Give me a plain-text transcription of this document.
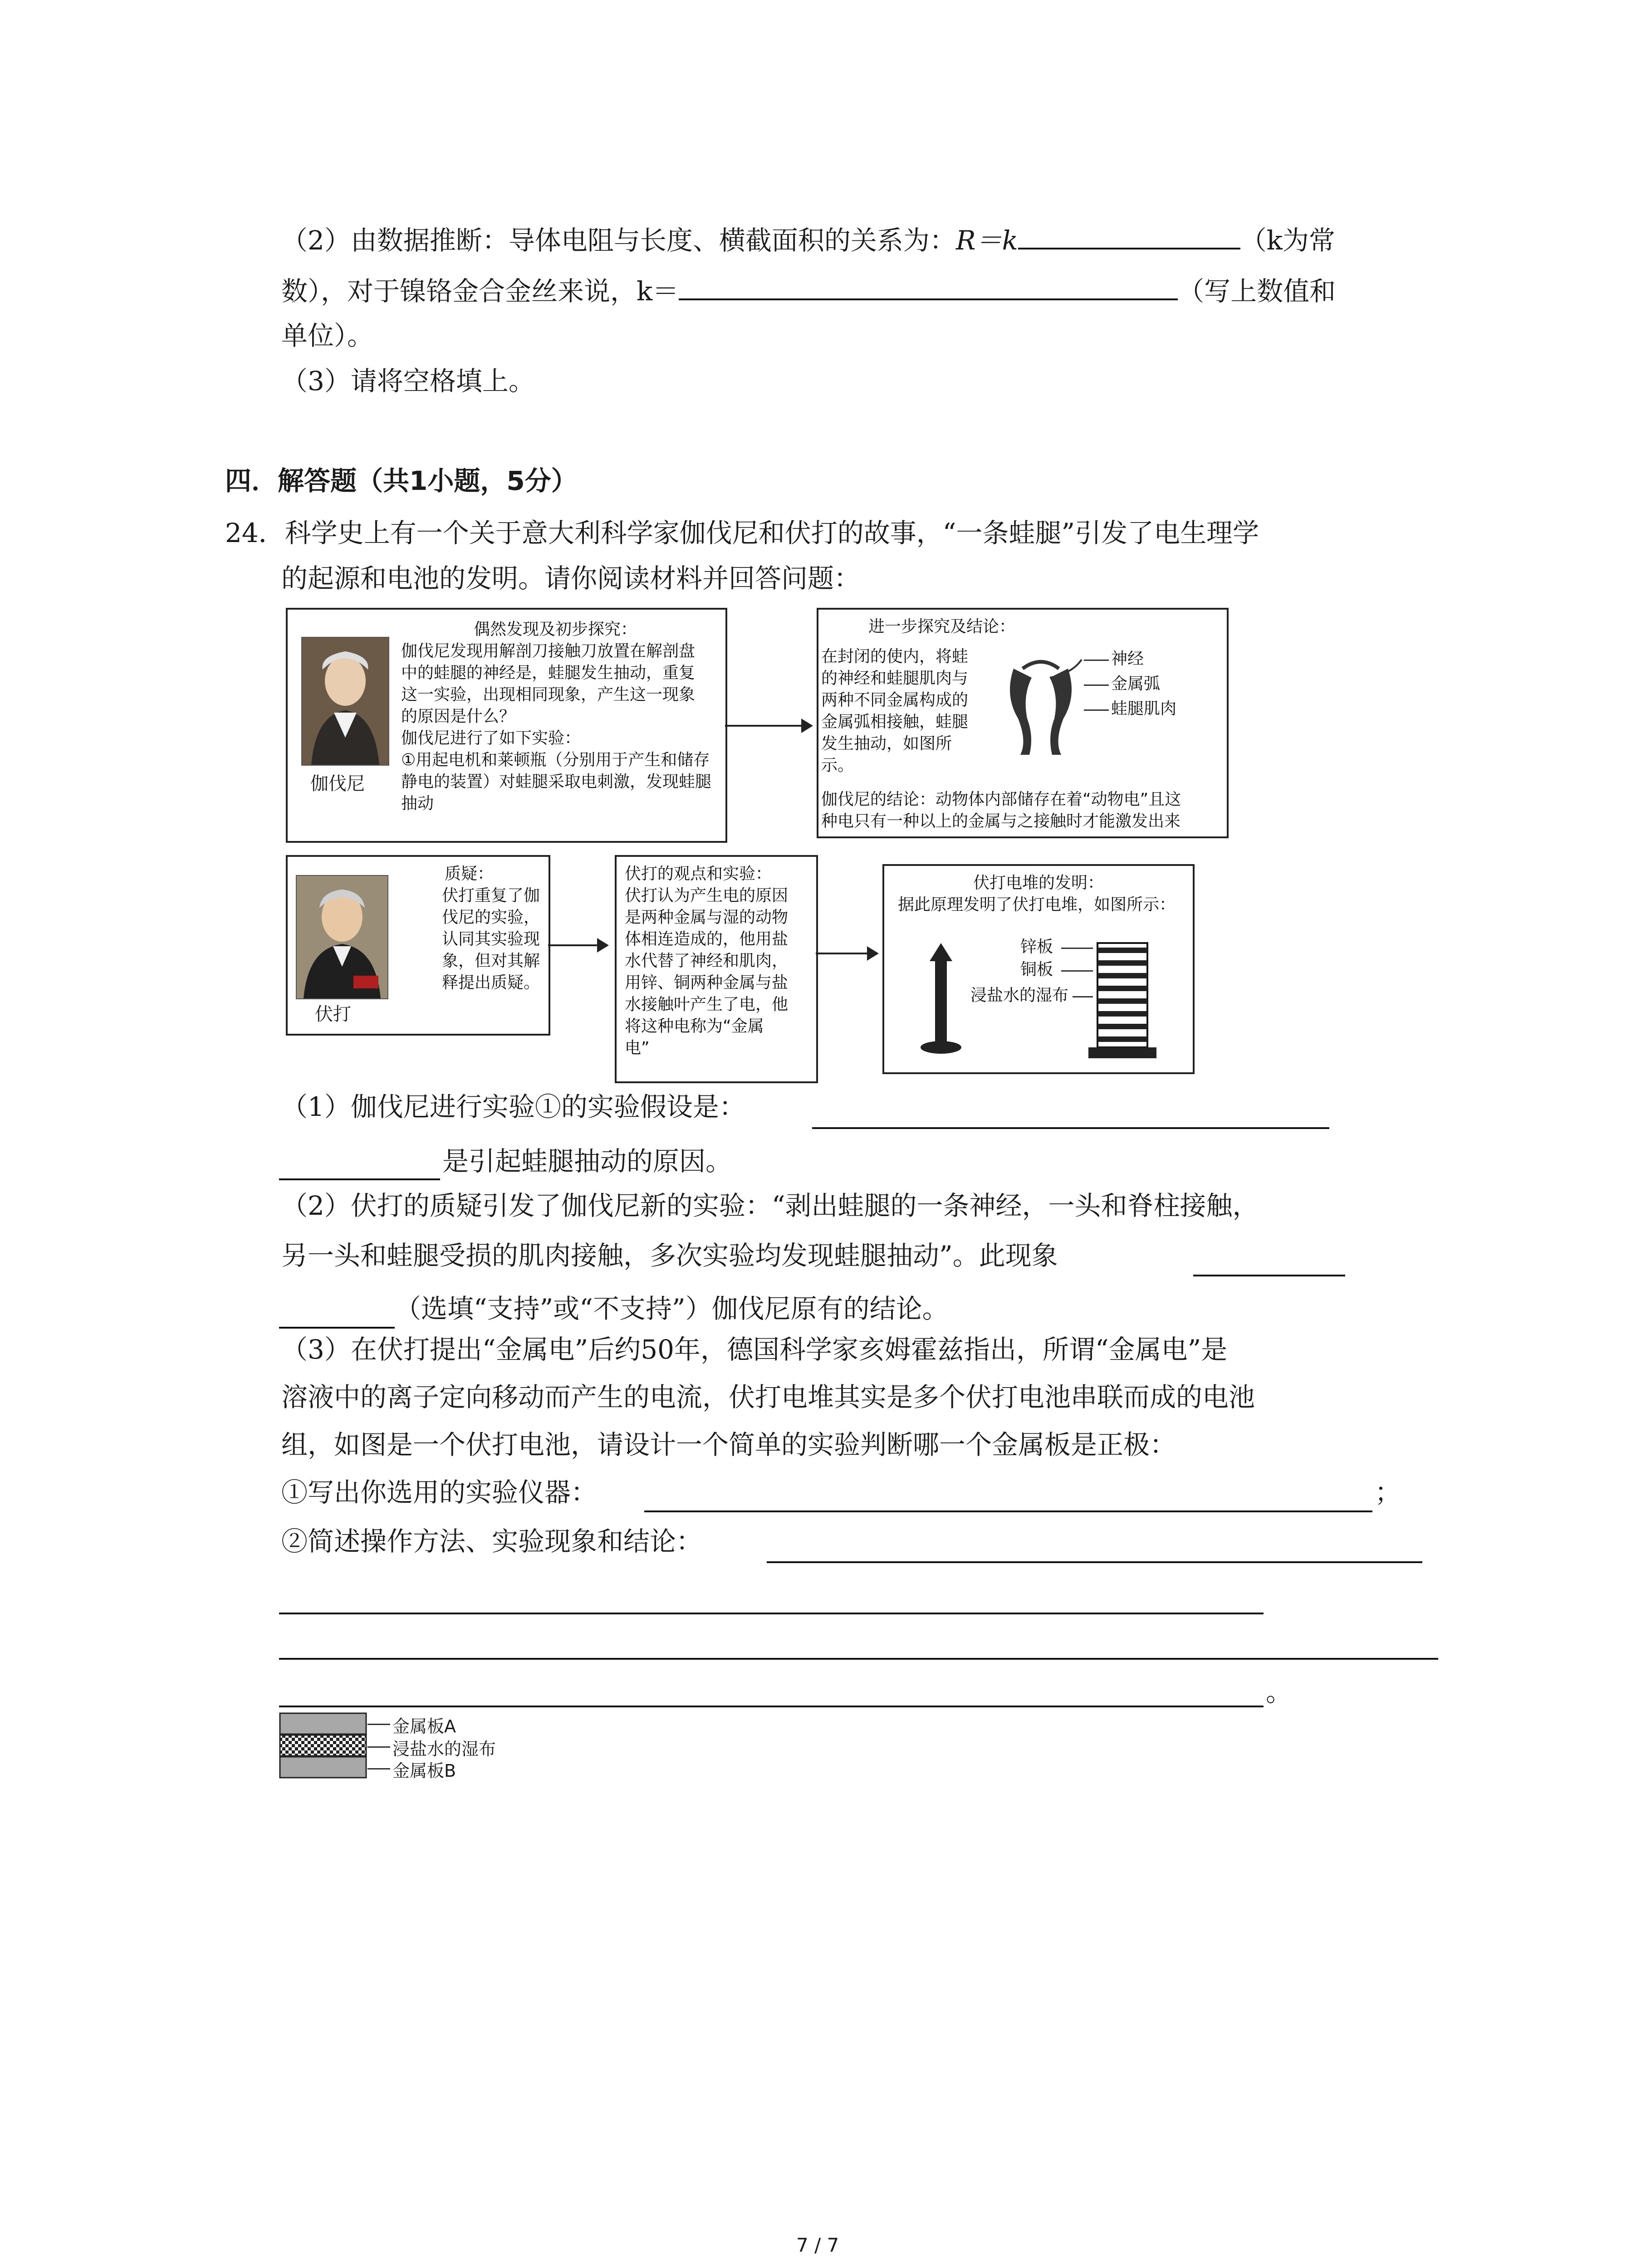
（2）由数据推断：导体电阻与长度、横截面积的关系为：R＝k	（k为常
数），对于镍铬金合金丝来说，k＝	（写上数值和
单位）。
（3）请将空格填上。
四．解答题（共1小题，5分）
24．科学史上有一个关于意大利科学家伽伐尼和伏打的故事，“一条蛙腿”引发了电生理学
的起源和电池的发明。请你阅读材料并回答问题：
伽伐尼
偶然发现及初步探究：
伽伐尼发现用解剖刀接触刀放置在解剖盘
中的蛙腿的神经是，蛙腿发生抽动，重复
这一实验，出现相同现象，产生这一现象
的原因是什么？
伽伐尼进行了如下实验：
①用起电机和莱顿瓶（分别用于产生和储存
静电的装置）对蛙腿采取电刺激，发现蛙腿
抽动
进一步探究及结论：
在封闭的使内，将蛙
的神经和蛙腿肌肉与
两种不同金属构成的
金属弧相接触，蛙腿
发生抽动，如图所
示。
神经
金属弧
蛙腿肌肉
伽伐尼的结论：动物体内部储存在着“动物电”且这
种电只有一种以上的金属与之接触时才能激发出来
伏打
质疑：
伏打重复了伽
伐尼的实验，
认同其实验现
象，但对其解
释提出质疑。
伏打的观点和实验：
伏打认为产生电的原因
是两种金属与湿的动物
体相连造成的，他用盐
水代替了神经和肌肉，
用锌、铜两种金属与盐
水接触叶产生了电，他
将这种电称为“金属
电”
伏打电堆的发明：
据此原理发明了伏打电堆，如图所示：
锌板
铜板
浸盐水的湿布
（1）伽伐尼进行实验①的实验假设是：
是引起蛙腿抽动的原因。
（2）伏打的质疑引发了伽伐尼新的实验：“剥出蛙腿的一条神经，一头和脊柱接触，
另一头和蛙腿受损的肌肉接触，多次实验均发现蛙腿抽动”。此现象
（选填“支持”或“不支持”）伽伐尼原有的结论。
（3）在伏打提出“金属电”后约50年，德国科学家亥姆霍兹指出，所谓“金属电”是
溶液中的离子定向移动而产生的电流，伏打电堆其实是多个伏打电池串联而成的电池
组，如图是一个伏打电池，请设计一个简单的实验判断哪一个金属板是正极：
①写出你选用的实验仪器：	；
②简述操作方法、实验现象和结论：
。
金属板A
浸盐水的湿布
金属板B
7 / 7
